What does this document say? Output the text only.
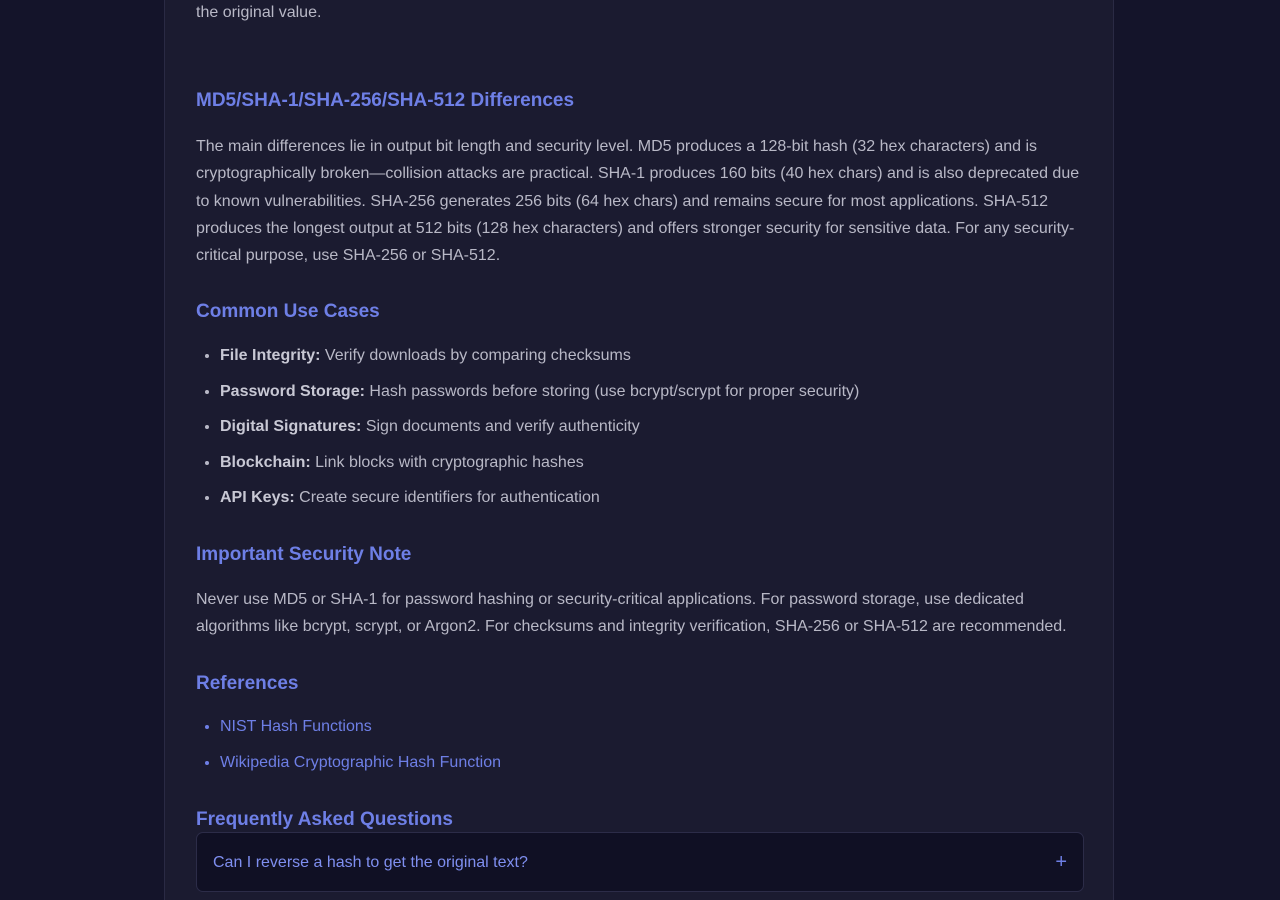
the original value.

MD5/SHA-1/SHA-256/SHA-512 Differences

The main differences lie in output bit length and security level. MD5 produces a 128-bit hash (32 hex characters) and is cryptographically broken—collision attacks are practical. SHA-1 produces 160 bits (40 hex chars) and is also deprecated due to known vulnerabilities. SHA-256 generates 256 bits (64 hex chars) and remains secure for most applications. SHA-512 produces the longest output at 512 bits (128 hex characters) and offers stronger security for sensitive data. For any security-critical purpose, use SHA-256 or SHA-512.

Common Use Cases
• File Integrity: Verify downloads by comparing checksums
• Password Storage: Hash passwords before storing (use bcrypt/scrypt for proper security)
• Digital Signatures: Sign documents and verify authenticity
• Blockchain: Link blocks with cryptographic hashes
• API Keys: Create secure identifiers for authentication
Important Security Note

Never use MD5 or SHA-1 for password hashing or security-critical applications. For password storage, use dedicated algorithms like bcrypt, scrypt, or Argon2. For checksums and integrity verification, SHA-256 or SHA-512 are recommended.

References
• NIST Hash Functions
• Wikipedia Cryptographic Hash Function
Frequently Asked Questions
Can I reverse a hash to get the original text?	+
